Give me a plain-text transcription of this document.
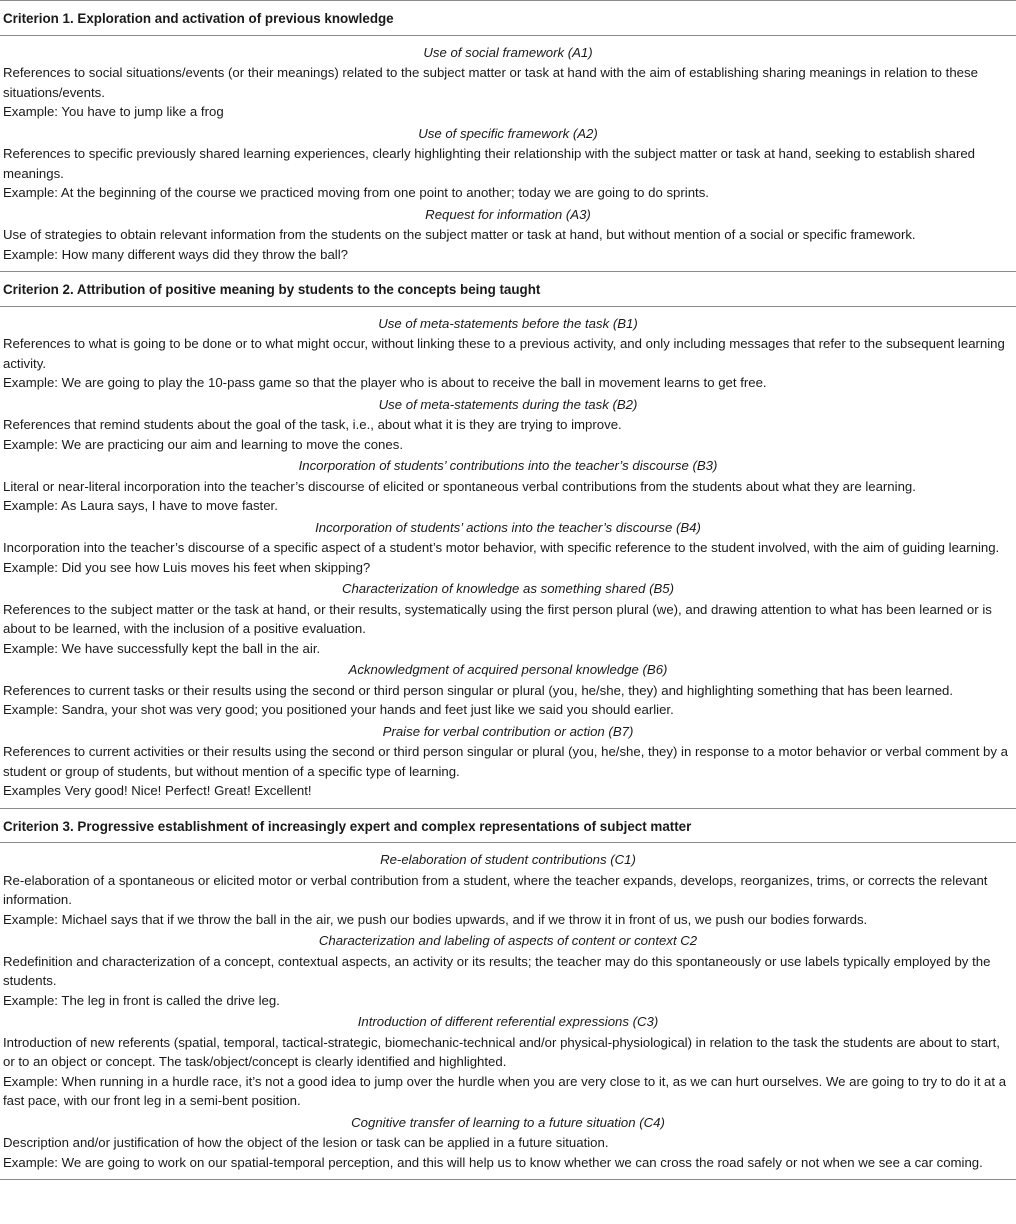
Criterion 1. Exploration and activation of previous knowledge
Use of social framework (A1)
References to social situations/events (or their meanings) related to the subject matter or task at hand with the aim of establishing sharing meanings in relation to these situations/events.
Example: You have to jump like a frog
Use of specific framework (A2)
References to specific previously shared learning experiences, clearly highlighting their relationship with the subject matter or task at hand, seeking to establish shared meanings.
Example: At the beginning of the course we practiced moving from one point to another; today we are going to do sprints.
Request for information (A3)
Use of strategies to obtain relevant information from the students on the subject matter or task at hand, but without mention of a social or specific framework.
Example: How many different ways did they throw the ball?
Criterion 2. Attribution of positive meaning by students to the concepts being taught
Use of meta-statements before the task (B1)
References to what is going to be done or to what might occur, without linking these to a previous activity, and only including messages that refer to the subsequent learning activity.
Example: We are going to play the 10-pass game so that the player who is about to receive the ball in movement learns to get free.
Use of meta-statements during the task (B2)
References that remind students about the goal of the task, i.e., about what it is they are trying to improve.
Example: We are practicing our aim and learning to move the cones.
Incorporation of students’ contributions into the teacher’s discourse (B3)
Literal or near-literal incorporation into the teacher’s discourse of elicited or spontaneous verbal contributions from the students about what they are learning.
Example: As Laura says, I have to move faster.
Incorporation of students’ actions into the teacher’s discourse (B4)
Incorporation into the teacher’s discourse of a specific aspect of a student’s motor behavior, with specific reference to the student involved, with the aim of guiding learning.
Example: Did you see how Luis moves his feet when skipping?
Characterization of knowledge as something shared (B5)
References to the subject matter or the task at hand, or their results, systematically using the first person plural (we), and drawing attention to what has been learned or is about to be learned, with the inclusion of a positive evaluation.
Example: We have successfully kept the ball in the air.
Acknowledgment of acquired personal knowledge (B6)
References to current tasks or their results using the second or third person singular or plural (you, he/she, they) and highlighting something that has been learned.
Example: Sandra, your shot was very good; you positioned your hands and feet just like we said you should earlier.
Praise for verbal contribution or action (B7)
References to current activities or their results using the second or third person singular or plural (you, he/she, they) in response to a motor behavior or verbal comment by a student or group of students, but without mention of a specific type of learning.
Examples Very good! Nice! Perfect! Great! Excellent!
Criterion 3. Progressive establishment of increasingly expert and complex representations of subject matter
Re-elaboration of student contributions (C1)
Re-elaboration of a spontaneous or elicited motor or verbal contribution from a student, where the teacher expands, develops, reorganizes, trims, or corrects the relevant information.
Example: Michael says that if we throw the ball in the air, we push our bodies upwards, and if we throw it in front of us, we push our bodies forwards.
Characterization and labeling of aspects of content or context C2
Redefinition and characterization of a concept, contextual aspects, an activity or its results; the teacher may do this spontaneously or use labels typically employed by the students.
Example: The leg in front is called the drive leg.
Introduction of different referential expressions (C3)
Introduction of new referents (spatial, temporal, tactical-strategic, biomechanic-technical and/or physical-physiological) in relation to the task the students are about to start, or to an object or concept. The task/object/concept is clearly identified and highlighted.
Example: When running in a hurdle race, it’s not a good idea to jump over the hurdle when you are very close to it, as we can hurt ourselves. We are going to try to do it at a fast pace, with our front leg in a semi-bent position.
Cognitive transfer of learning to a future situation (C4)
Description and/or justification of how the object of the lesion or task can be applied in a future situation.
Example: We are going to work on our spatial-temporal perception, and this will help us to know whether we can cross the road safely or not when we see a car coming.
